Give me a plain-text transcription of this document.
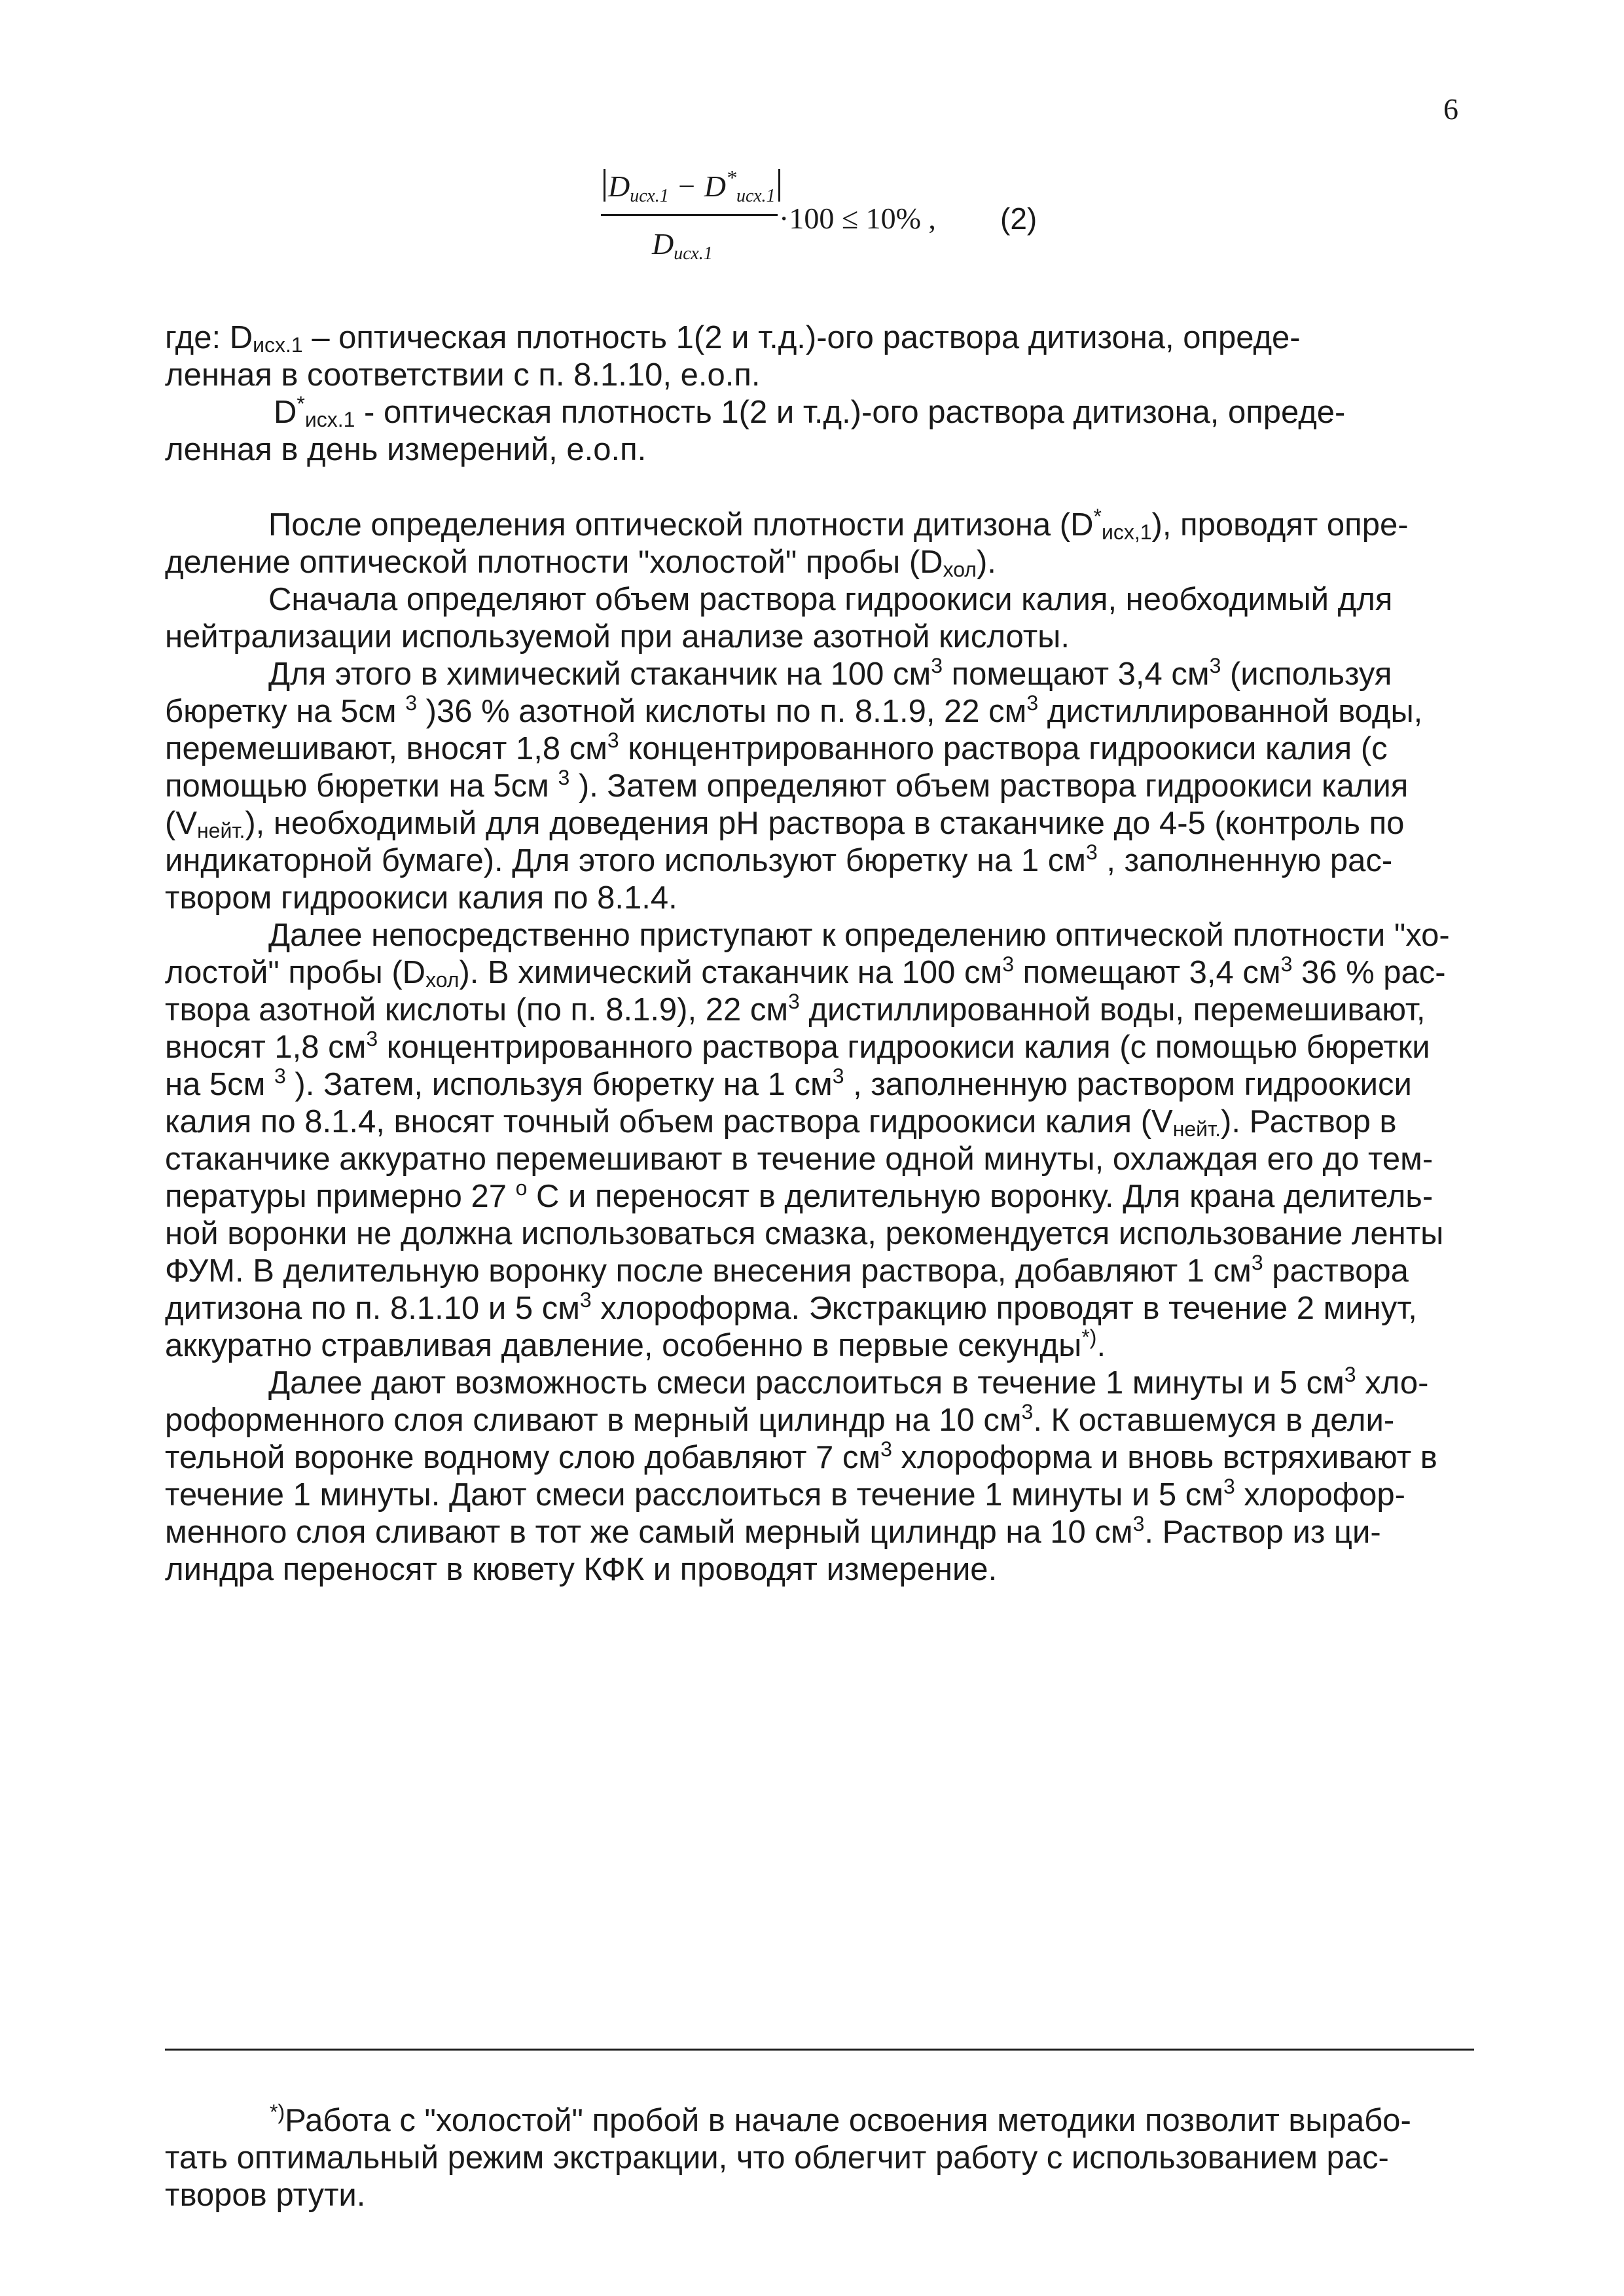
6
Dисх.1 − D*исх.1
Dисх.1
·100 ≤ 10% , (2)
где: $D_{исх.1}$ – оптическая плотность 1(2 и т.д.)-ого раствора дитизона, опреде-
ленная в соответствии с п. 8.1.10, е.о.п.
$D^*_{исх.1}$ - оптическая плотность 1(2 и т.д.)-ого раствора дитизона, опреде-
ленная в день измерений, е.о.п.
После определения оптической плотности дитизона $(D^*_{исх,1})$, проводят опре-
деление оптической плотности "холостой" пробы $(D_{хол})$.
Сначала определяют объем раствора гидроокиси калия, необходимый для
нейтрализации используемой при анализе азотной кислоты.
Для этого в химический стаканчик на 100 $см^3$ помещают 3,4 $см^3$ (используя
бюретку на 5см $^3$ )36 % азотной кислоты по п. 8.1.9, 22 $см^3$ дистиллированной воды,
перемешивают, вносят 1,8 $см^3$ концентрированного раствора гидроокиси калия (с
помощью бюретки на 5см $^3$ ). Затем определяют объем раствора гидроокиси калия
$(V_{нейт.})$, необходимый для доведения рН раствора в стаканчике до 4-5 (контроль по
индикаторной бумаге). Для этого используют бюретку на 1 $см^3$ , заполненную рас-
твором гидроокиси калия по 8.1.4.
Далее непосредственно приступают к определению оптической плотности "хо-
лостой" пробы $(D_{хол})$. В химический стаканчик на 100 $см^3$ помещают 3,4 $см^3$ 36 % рас-
твора азотной кислоты (по п. 8.1.9), 22 $см^3$ дистиллированной воды, перемешивают,
вносят 1,8 $см^3$ концентрированного раствора гидроокиси калия (с помощью бюретки
на 5см $^3$ ). Затем, используя бюретку на 1 $см^3$ , заполненную раствором гидроокиси
калия по 8.1.4, вносят точный объем раствора гидроокиси калия $(V_{нейт.})$. Раствор в
стаканчике аккуратно перемешивают в течение одной минуты, охлаждая его до тем-
пературы примерно 27 $^о$ С и переносят в делительную воронку. Для крана делитель-
ной воронки не должна использоваться смазка, рекомендуется использование ленты
ФУМ. В делительную воронку после внесения раствора, добавляют 1 $см^3$ раствора
дитизона по п. 8.1.10 и 5 $см^3$ хлороформа. Экстракцию проводят в течение 2 минут,
аккуратно стравливая давление, особенно в первые секунды*).
Далее дают возможность смеси расслоиться в течение 1 минуты и 5 $см^3$ хло-
роформенного слоя сливают в мерный цилиндр на 10 $см^3$. К оставшемуся в дели-
тельной воронке водному слою добавляют 7 $см^3$ хлороформа и вновь встряхивают в
течение 1 минуты. Дают смеси расслоиться в течение 1 минуты и 5 $см^3$ хлорофор-
менного слоя сливают в тот же самый мерный цилиндр на 10 $см^3$. Раствор из ци-
линдра переносят в кювету КФК и проводят измерение.
*)Работа с "холостой" пробой в начале освоения методики позволит вырабо-
тать оптимальный режим экстракции, что облегчит работу с использованием рас-
творов ртути.
